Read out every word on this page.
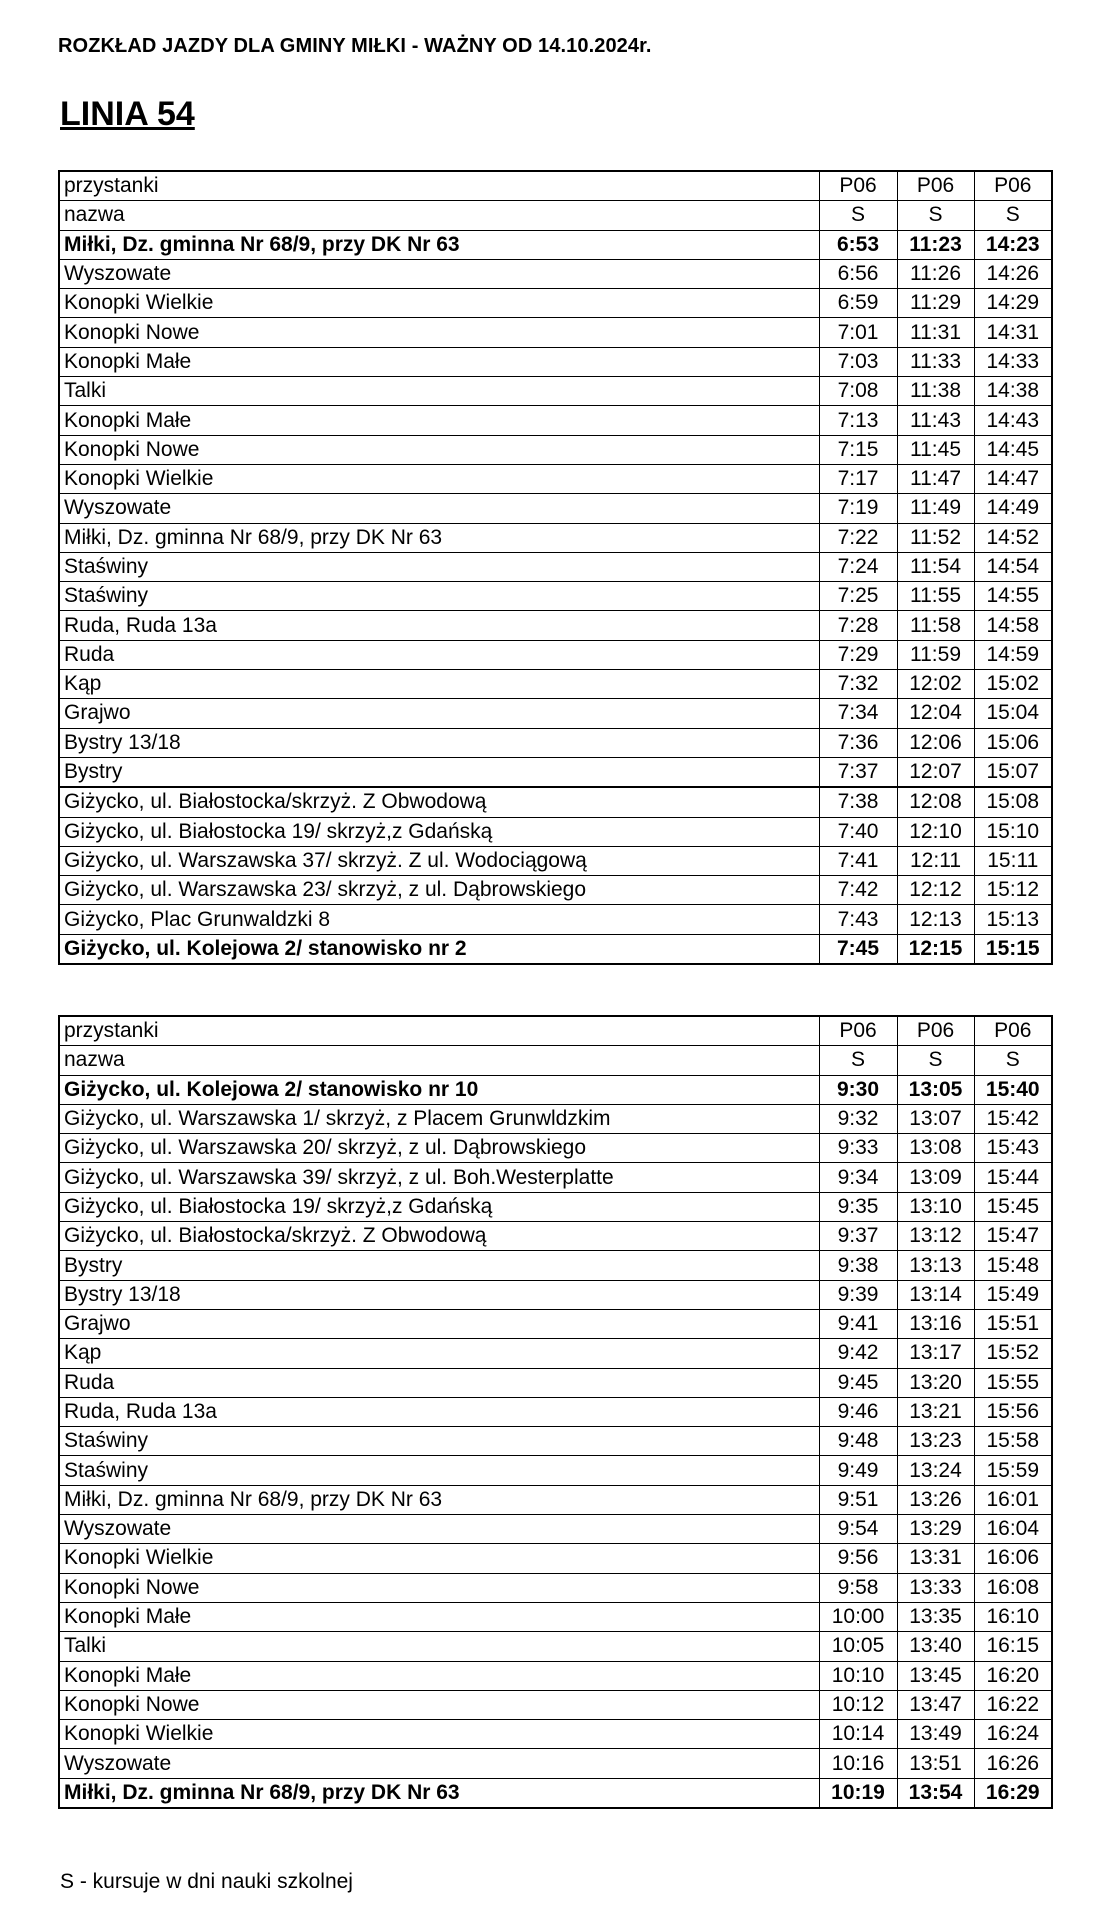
ROZKŁAD JAZDY DLA GMINY MIŁKI - WAŻNY OD 14.10.2024r.
LINIA 54
przystanki	P06	P06	P06
nazwa	S	S	S
Miłki, Dz. gminna Nr 68/9, przy DK Nr 63	6:53	11:23	14:23
Wyszowate	6:56	11:26	14:26
Konopki Wielkie	6:59	11:29	14:29
Konopki Nowe	7:01	11:31	14:31
Konopki Małe	7:03	11:33	14:33
Talki	7:08	11:38	14:38
Konopki Małe	7:13	11:43	14:43
Konopki Nowe	7:15	11:45	14:45
Konopki Wielkie	7:17	11:47	14:47
Wyszowate	7:19	11:49	14:49
Miłki, Dz. gminna Nr 68/9, przy DK Nr 63	7:22	11:52	14:52
Staświny	7:24	11:54	14:54
Staświny	7:25	11:55	14:55
Ruda, Ruda 13a	7:28	11:58	14:58
Ruda	7:29	11:59	14:59
Kąp	7:32	12:02	15:02
Grajwo	7:34	12:04	15:04
Bystry 13/18	7:36	12:06	15:06
Bystry	7:37	12:07	15:07
Giżycko, ul. Białostocka/skrzyż. Z Obwodową	7:38	12:08	15:08
Giżycko, ul. Białostocka 19/ skrzyż,z Gdańską	7:40	12:10	15:10
Giżycko, ul. Warszawska 37/ skrzyż. Z ul. Wodociągową	7:41	12:11	15:11
Giżycko, ul. Warszawska 23/ skrzyż, z ul. Dąbrowskiego	7:42	12:12	15:12
Giżycko, Plac Grunwaldzki 8	7:43	12:13	15:13
Giżycko, ul. Kolejowa 2/ stanowisko nr 2	7:45	12:15	15:15
przystanki	P06	P06	P06
nazwa	S	S	S
Giżycko, ul. Kolejowa 2/ stanowisko nr 10	9:30	13:05	15:40
Giżycko, ul. Warszawska 1/ skrzyż, z Placem Grunwldzkim	9:32	13:07	15:42
Giżycko, ul. Warszawska 20/ skrzyż, z ul. Dąbrowskiego	9:33	13:08	15:43
Giżycko, ul. Warszawska 39/ skrzyż, z ul. Boh.Westerplatte	9:34	13:09	15:44
Giżycko, ul. Białostocka 19/ skrzyż,z Gdańską	9:35	13:10	15:45
Giżycko, ul. Białostocka/skrzyż. Z Obwodową	9:37	13:12	15:47
Bystry	9:38	13:13	15:48
Bystry 13/18	9:39	13:14	15:49
Grajwo	9:41	13:16	15:51
Kąp	9:42	13:17	15:52
Ruda	9:45	13:20	15:55
Ruda, Ruda 13a	9:46	13:21	15:56
Staświny	9:48	13:23	15:58
Staświny	9:49	13:24	15:59
Miłki, Dz. gminna Nr 68/9, przy DK Nr 63	9:51	13:26	16:01
Wyszowate	9:54	13:29	16:04
Konopki Wielkie	9:56	13:31	16:06
Konopki Nowe	9:58	13:33	16:08
Konopki Małe	10:00	13:35	16:10
Talki	10:05	13:40	16:15
Konopki Małe	10:10	13:45	16:20
Konopki Nowe	10:12	13:47	16:22
Konopki Wielkie	10:14	13:49	16:24
Wyszowate	10:16	13:51	16:26
Miłki, Dz. gminna Nr 68/9, przy DK Nr 63	10:19	13:54	16:29
S - kursuje w dni nauki szkolnej
